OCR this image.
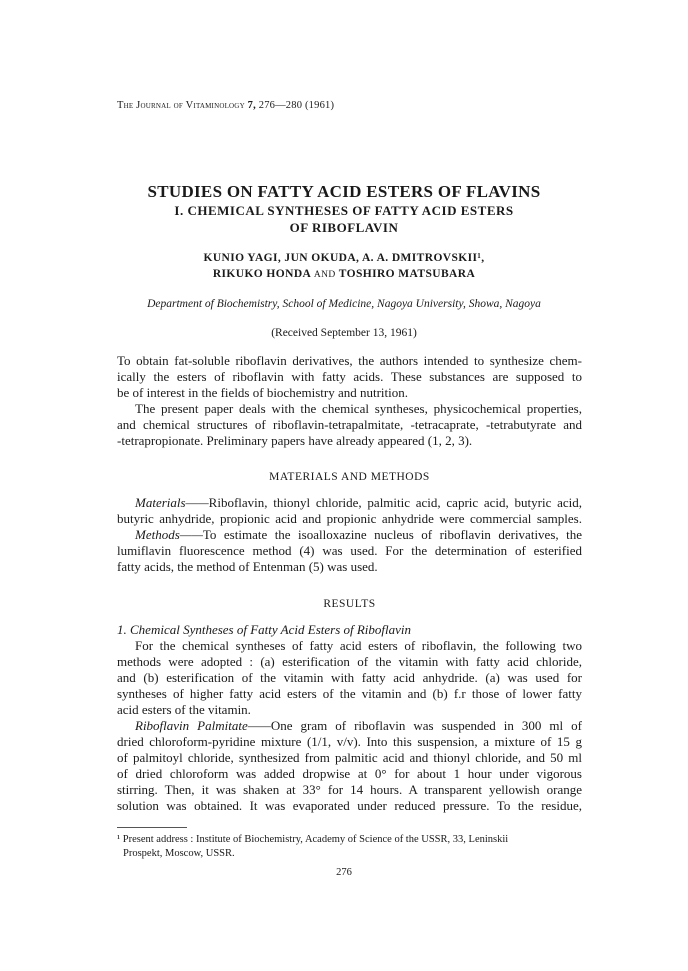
The Journal of Vitaminology 7, 276—280 (1961)
STUDIES ON FATTY ACID ESTERS OF FLAVINS
I. CHEMICAL SYNTHESES OF FATTY ACID ESTERS
OF RIBOFLAVIN
KUNIO YAGI, JUN OKUDA, A. A. DMITROVSKII¹,
RIKUKO HONDA AND TOSHIRO MATSUBARA
Department of Biochemistry, School of Medicine, Nagoya University, Showa, Nagoya
(Received September 13, 1961)
To obtain fat-soluble riboflavin derivatives, the authors intended to synthesize chem-
ically the esters of riboflavin with fatty acids. These substances are supposed to
be of interest in the fields of biochemistry and nutrition.
The present paper deals with the chemical syntheses, physicochemical properties,
and chemical structures of riboflavin-tetrapalmitate, -tetracaprate, -tetrabutyrate and
-tetrapropionate. Preliminary papers have already appeared (1, 2, 3).
MATERIALS AND METHODS
Materials——Riboflavin, thionyl chloride, palmitic acid, capric acid, butyric acid,
butyric anhydride, propionic acid and propionic anhydride were commercial samples.
Methods——To estimate the isoalloxazine nucleus of riboflavin derivatives, the
lumiflavin fluorescence method (4) was used. For the determination of esterified
fatty acids, the method of Entenman (5) was used.
RESULTS
1. Chemical Syntheses of Fatty Acid Esters of Riboflavin
For the chemical syntheses of fatty acid esters of riboflavin, the following two
methods were adopted : (a) esterification of the vitamin with fatty acid chloride,
and (b) esterification of the vitamin with fatty acid anhydride. (a) was used for
syntheses of higher fatty acid esters of the vitamin and (b) f.r those of lower fatty
acid esters of the vitamin.
Riboflavin Palmitate——One gram of riboflavin was suspended in 300 ml of
dried chloroform-pyridine mixture (1/1, v/v). Into this suspension, a mixture of 15 g
of palmitoyl chloride, synthesized from palmitic acid and thionyl chloride, and 50 ml
of dried chloroform was added dropwise at 0° for about 1 hour under vigorous
stirring. Then, it was shaken at 33° for 14 hours. A transparent yellowish orange
solution was obtained. It was evaporated under reduced pressure. To the residue,
¹ Present address : Institute of Biochemistry, Academy of Science of the USSR, 33, Leninskii
Prospekt, Moscow, USSR.
276
